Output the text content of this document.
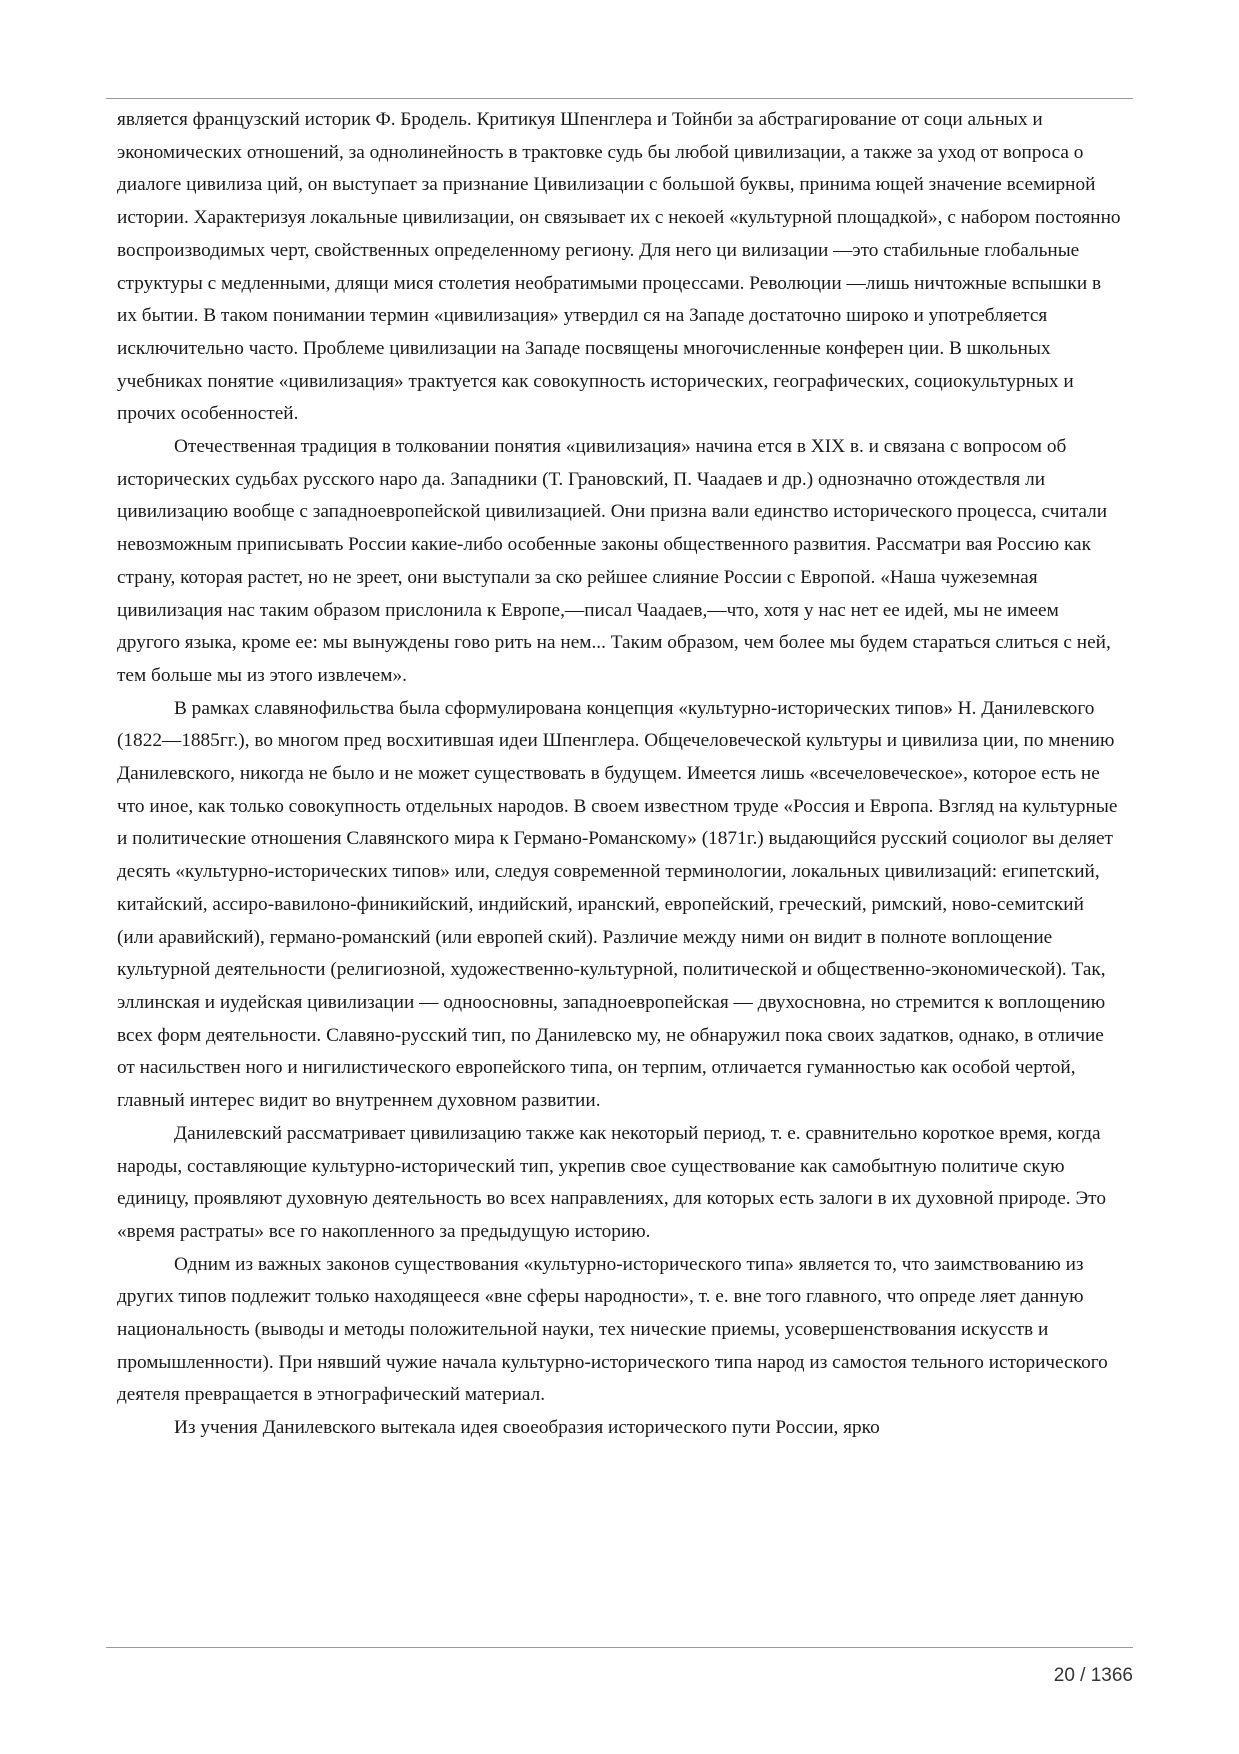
является французский историк Ф. Бродель. Критикуя Шпенглера и Тойнби за абстрагирование от соци альных и экономических отношений, за однолинейность в трактовке судь бы любой цивилизации, а также за уход от вопроса о диалоге цивилиза ций, он выступает за признание Цивилизации с большой буквы, принима ющей значение всемирной истории. Характеризуя локальные цивилизации, он связывает их с некоей «культурной площадкой», с набором постоянно воспроизводимых черт, свойственных определенному региону. Для него ци вилизации —это стабильные глобальные структуры с медленными, длящи мися столетия необратимыми процессами. Революции —лишь ничтожные вспышки в их бытии. В таком понимании термин «цивилизация» утвердил ся на Западе достаточно широко и употребляется исключительно часто. Проблеме цивилизации на Западе посвящены многочисленные конферен ции. В школьных учебниках понятие «цивилизация» трактуется как совокупность исторических, географических, социокультурных и прочих особенностей.

Отечественная традиция в толковании понятия «цивилизация» начина ется в XIX в. и связана с вопросом об исторических судьбах русского наро да. Западники (Т. Грановский, П. Чаадаев и др.) однозначно отождествля ли цивилизацию вообще с западноевропейской цивилизацией. Они призна вали единство исторического процесса, считали невозможным приписывать России какие-либо особенные законы общественного развития. Рассматри вая Россию как страну, которая растет, но не зреет, они выступали за ско рейшее слияние России с Европой. «Наша чужеземная цивилизация нас таким образом прислонила к Европе,—писал Чаадаев,—что, хотя у нас нет ее идей, мы не имеем другого языка, кроме ее: мы вынуждены гово рить на нем... Таким образом, чем более мы будем стараться слиться с ней, тем больше мы из этого извлечем».

В рамках славянофильства была сформулирована концепция «культурно-исторических типов» Н. Данилевского (1822—1885гг.), во многом пред восхитившая идеи Шпенглера. Общечеловеческой культуры и цивилиза ции, по мнению Данилевского, никогда не было и не может существовать в будущем. Имеется лишь «всечеловеческое», которое есть не что иное, как только совокупность отдельных народов. В своем известном труде «Россия и Европа. Взгляд на культурные и политические отношения Славянского мира к Германо-Романскому» (1871г.) выдающийся русский социолог вы деляет десять «культурно-исторических типов» или, следуя современной терминологии, локальных цивилизаций: египетский, китайский, ассиро-вавилоно-финикийский, индийский, иранский, европейский, греческий, римский, ново-семитский (или аравийский), германо-романский (или европей ский). Различие между ними он видит в полноте воплощение культурной деятельности (религиозной, художественно-культурной, политической и общественно-экономической). Так, эллинская и иудейская цивилизации — одноосновны, западноевропейская — двухосновна, но стремится к воплощению всех форм деятельности. Славяно-русский тип, по Данилевско му, не обнаружил пока своих задатков, однако, в отличие от насильствен ного и нигилистического европейского типа, он терпим, отличается гуманностью как особой чертой, главный интерес видит во внутреннем духовном развитии.

Данилевский рассматривает цивилизацию также как некоторый период, т. е. сравнительно короткое время, когда народы, составляющие культурно-исторический тип, укрепив свое существование как самобытную политиче скую единицу, проявляют духовную деятельность во всех направлениях, для которых есть залоги в их духовной природе. Это «время растраты» все го накопленного за предыдущую историю.

Одним из важных законов существования «культурно-исторического типа» является то, что заимствованию из других типов подлежит только находящееся «вне сферы народности», т. е. вне того главного, что опреде ляет данную национальность (выводы и методы положительной науки, тех нические приемы, усовершенствования искусств и промышленности). При нявший чужие начала культурно-исторического типа народ из самостоя тельного исторического деятеля превращается в этнографический материал.

Из учения Данилевского вытекала идея своеобразия исторического пути России, ярко

20 / 1366
